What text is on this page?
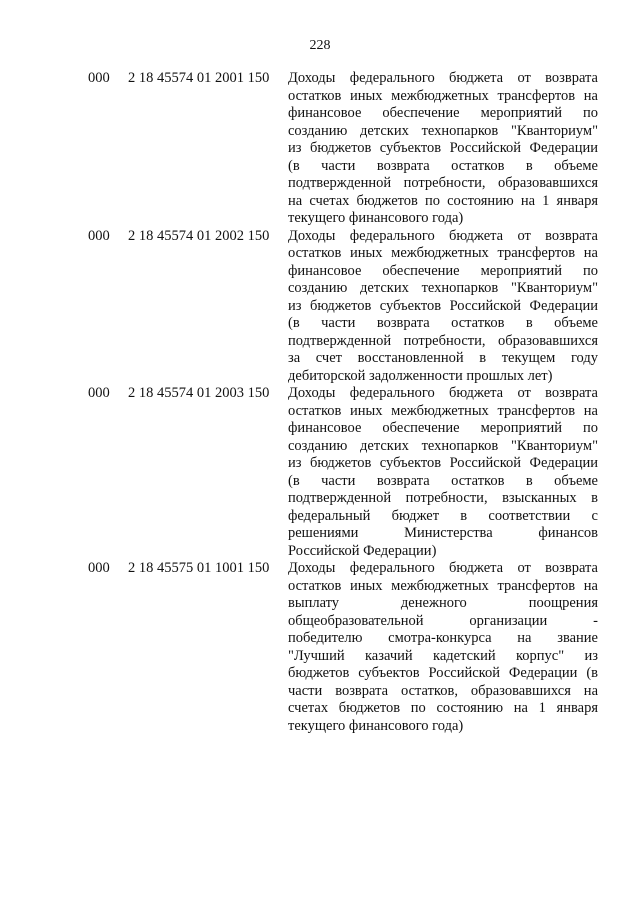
228
000	2 18 45574 01 2001 150	Доходы федерального бюджета от возврата
остатков иных межбюджетных трансфертов на
финансовое обеспечение мероприятий по
созданию детских технопарков "Кванториум"
из бюджетов субъектов Российской Федерации
(в части возврата остатков в объеме
подтвержденной потребности, образовавшихся
на счетах бюджетов по состоянию на 1 января
текущего финансового года)
000	2 18 45574 01 2002 150	Доходы федерального бюджета от возврата
остатков иных межбюджетных трансфертов на
финансовое обеспечение мероприятий по
созданию детских технопарков "Кванториум"
из бюджетов субъектов Российской Федерации
(в части возврата остатков в объеме
подтвержденной потребности, образовавшихся
за счет восстановленной в текущем году
дебиторской задолженности прошлых лет)
000	2 18 45574 01 2003 150	Доходы федерального бюджета от возврата
остатков иных межбюджетных трансфертов на
финансовое обеспечение мероприятий по
созданию детских технопарков "Кванториум"
из бюджетов субъектов Российской Федерации
(в части возврата остатков в объеме
подтвержденной потребности, взысканных в
федеральный бюджет в соответствии с
решениями Министерства финансов
Российской Федерации)
000	2 18 45575 01 1001 150	Доходы федерального бюджета от возврата
остатков иных межбюджетных трансфертов на
выплату денежного поощрения
общеобразовательной организации -
победителю смотра-конкурса на звание
"Лучший казачий кадетский корпус" из
бюджетов субъектов Российской Федерации (в
части возврата остатков, образовавшихся на
счетах бюджетов по состоянию на 1 января
текущего финансового года)
